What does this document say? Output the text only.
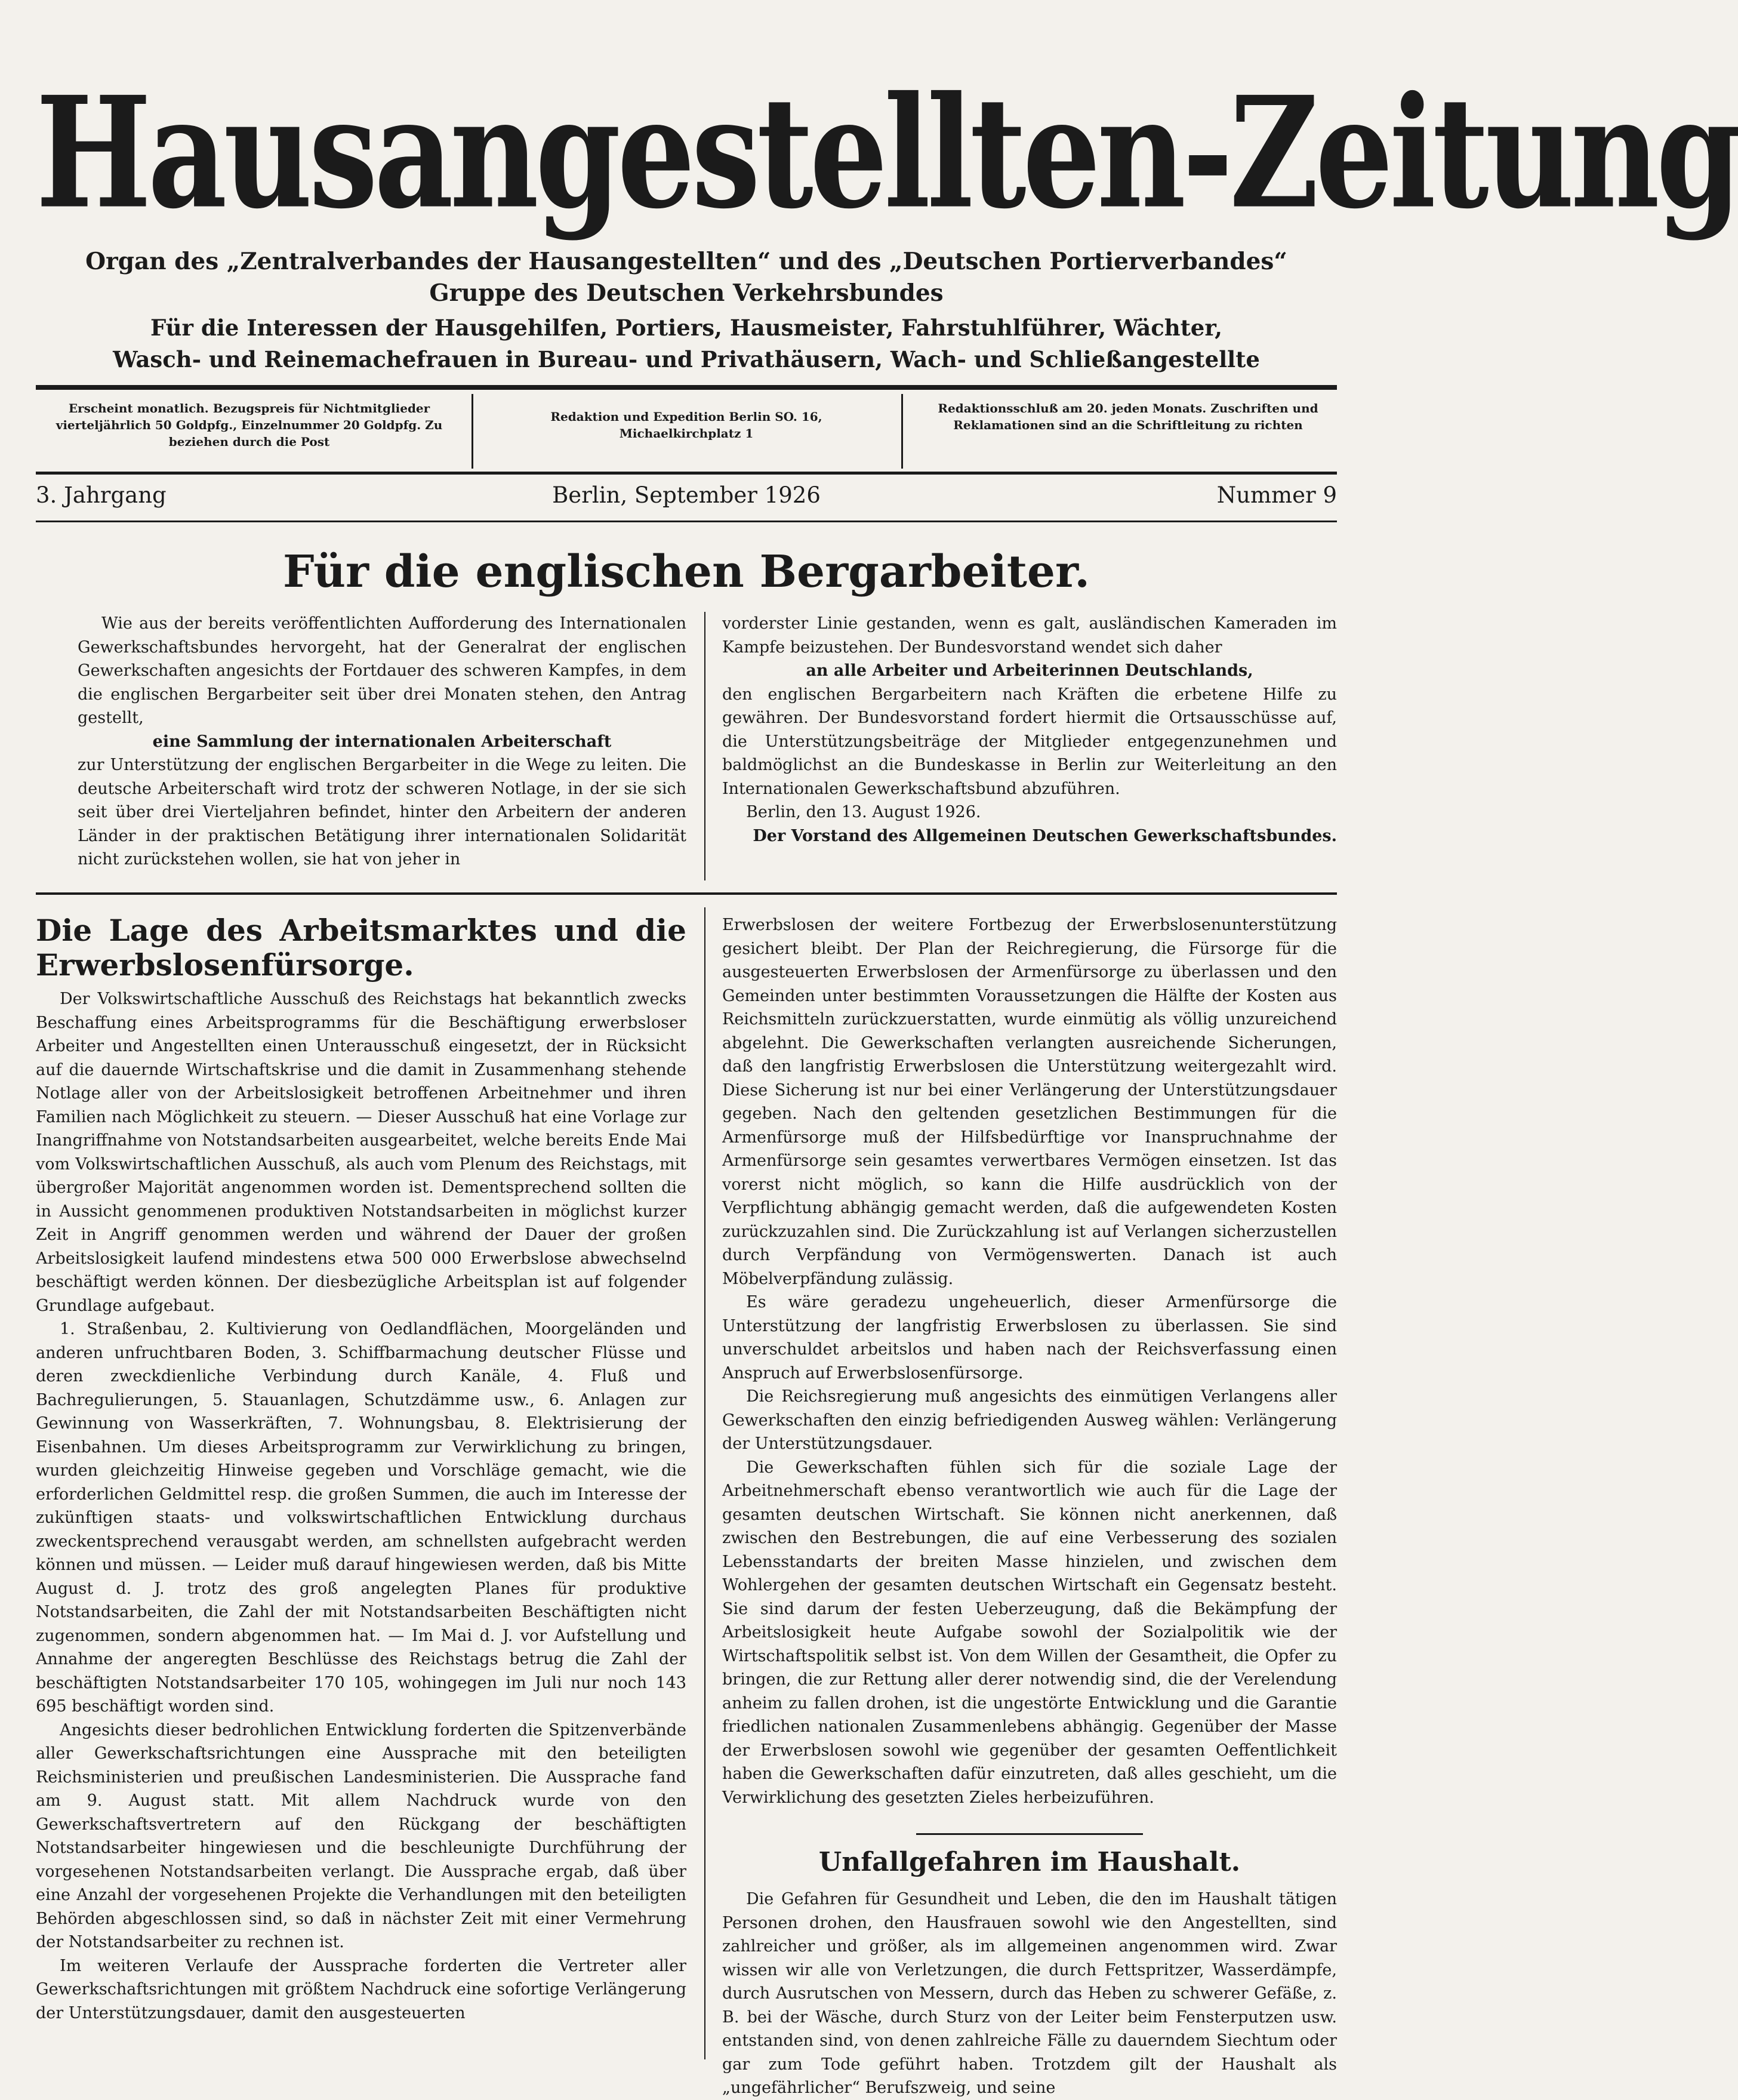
Hausangestellten-Zeitung
Organ des „Zentralverbandes der Hausangestellten“ und des „Deutschen Portierverbandes“
Gruppe des Deutschen Verkehrsbundes
Für die Interessen der Hausgehilfen, Portiers, Hausmeister, Fahrstuhlführer, Wächter,
Wasch- und Reinemachefrauen in Bureau- und Privathäusern, Wach- und Schließangestellte
Erscheint monatlich. Bezugspreis für Nichtmitglieder vierteljährlich 50 Goldpfg., Einzelnummer 20 Goldpfg. Zu beziehen durch die Post
Redaktion und Expedition Berlin SO. 16, Michaelkirchplatz 1
Redaktionsschluß am 20. jeden Monats. Zuschriften und Reklamationen sind an die Schriftleitung zu richten
3. Jahrgang	Berlin, September 1926	Nummer 9
Für die englischen Bergarbeiter.

Wie aus der bereits veröffentlichten Aufforderung des Internationalen Gewerkschaftsbundes hervorgeht, hat der Generalrat der englischen Gewerkschaften angesichts der Fortdauer des schweren Kampfes, in dem die englischen Bergarbeiter seit über drei Monaten stehen, den Antrag gestellt,

eine Sammlung der internationalen Arbeiterschaft

zur Unterstützung der englischen Bergarbeiter in die Wege zu leiten. Die deutsche Arbeiterschaft wird trotz der schweren Notlage, in der sie sich seit über drei Vierteljahren befindet, hinter den Arbeitern der anderen Länder in der praktischen Betätigung ihrer internationalen Solidarität nicht zurückstehen wollen, sie hat von jeher in

vorderster Linie gestanden, wenn es galt, ausländischen Kameraden im Kampfe beizustehen. Der Bundesvorstand wendet sich daher

an alle Arbeiter und Arbeiterinnen Deutschlands,

den englischen Bergarbeitern nach Kräften die erbetene Hilfe zu gewähren. Der Bundesvorstand fordert hiermit die Ortsausschüsse auf, die Unterstützungsbeiträge der Mitglieder entgegenzunehmen und baldmöglichst an die Bundeskasse in Berlin zur Weiterleitung an den Internationalen Gewerkschaftsbund abzuführen.

Berlin, den 13. August 1926.

Der Vorstand des Allgemeinen Deutschen Gewerkschaftsbundes.

Die Lage des Arbeitsmarktes und die Erwerbslosenfürsorge.

Der Volkswirtschaftliche Ausschuß des Reichstags hat bekanntlich zwecks Beschaffung eines Arbeitsprogramms für die Beschäftigung erwerbsloser Arbeiter und Angestellten einen Unterausschuß eingesetzt, der in Rücksicht auf die dauernde Wirtschaftskrise und die damit in Zusammenhang stehende Notlage aller von der Arbeitslosigkeit betroffenen Arbeitnehmer und ihren Familien nach Möglichkeit zu steuern. — Dieser Ausschuß hat eine Vorlage zur Inangriffnahme von Notstandsarbeiten ausgearbeitet, welche bereits Ende Mai vom Volkswirtschaftlichen Ausschuß, als auch vom Plenum des Reichstags, mit übergroßer Majorität angenommen worden ist. Dementsprechend sollten die in Aussicht genommenen produktiven Notstandsarbeiten in möglichst kurzer Zeit in Angriff genommen werden und während der Dauer der großen Arbeitslosigkeit laufend mindestens etwa 500 000 Erwerbslose abwechselnd beschäftigt werden können. Der diesbezügliche Arbeitsplan ist auf folgender Grundlage aufgebaut.

1. Straßenbau, 2. Kultivierung von Oedlandflächen, Moorgeländen und anderen unfruchtbaren Boden, 3. Schiffbarmachung deutscher Flüsse und deren zweckdienliche Verbindung durch Kanäle, 4. Fluß und Bachregulierungen, 5. Stauanlagen, Schutzdämme usw., 6. Anlagen zur Gewinnung von Wasserkräften, 7. Wohnungsbau, 8. Elektrisierung der Eisenbahnen. Um dieses Arbeitsprogramm zur Verwirklichung zu bringen, wurden gleichzeitig Hinweise gegeben und Vorschläge gemacht, wie die erforderlichen Geldmittel resp. die großen Summen, die auch im Interesse der zukünftigen staats- und volkswirtschaftlichen Entwicklung durchaus zweckentsprechend verausgabt werden, am schnellsten aufgebracht werden können und müssen. — Leider muß darauf hingewiesen werden, daß bis Mitte August d. J. trotz des groß angelegten Planes für produktive Notstandsarbeiten, die Zahl der mit Notstandsarbeiten Beschäftigten nicht zugenommen, sondern abgenommen hat. — Im Mai d. J. vor Aufstellung und Annahme der angeregten Beschlüsse des Reichstags betrug die Zahl der beschäftigten Notstandsarbeiter 170 105, wohingegen im Juli nur noch 143 695 beschäftigt worden sind.

Angesichts dieser bedrohlichen Entwicklung forderten die Spitzenverbände aller Gewerkschaftsrichtungen eine Aussprache mit den beteiligten Reichsministerien und preußischen Landesministerien. Die Aussprache fand am 9. August statt. Mit allem Nachdruck wurde von den Gewerkschaftsvertretern auf den Rückgang der beschäftigten Notstandsarbeiter hingewiesen und die beschleunigte Durchführung der vorgesehenen Notstandsarbeiten verlangt. Die Aussprache ergab, daß über eine Anzahl der vorgesehenen Projekte die Verhandlungen mit den beteiligten Behörden abgeschlossen sind, so daß in nächster Zeit mit einer Vermehrung der Notstandsarbeiter zu rechnen ist.

Im weiteren Verlaufe der Aussprache forderten die Vertreter aller Gewerkschaftsrichtungen mit größtem Nachdruck eine sofortige Verlängerung der Unterstützungsdauer, damit den ausgesteuerten

Erwerbslosen der weitere Fortbezug der Erwerbslosenunterstützung gesichert bleibt. Der Plan der Reichregierung, die Fürsorge für die ausgesteuerten Erwerbslosen der Armenfürsorge zu überlassen und den Gemeinden unter bestimmten Voraussetzungen die Hälfte der Kosten aus Reichsmitteln zurückzuerstatten, wurde einmütig als völlig unzureichend abgelehnt. Die Gewerkschaften verlangten ausreichende Sicherungen, daß den langfristig Erwerbslosen die Unterstützung weitergezahlt wird. Diese Sicherung ist nur bei einer Verlängerung der Unterstützungsdauer gegeben. Nach den geltenden gesetzlichen Bestimmungen für die Armenfürsorge muß der Hilfsbedürftige vor Inanspruchnahme der Armenfürsorge sein gesamtes verwertbares Vermögen einsetzen. Ist das vorerst nicht möglich, so kann die Hilfe ausdrücklich von der Verpflichtung abhängig gemacht werden, daß die aufgewendeten Kosten zurückzuzahlen sind. Die Zurückzahlung ist auf Verlangen sicherzustellen durch Verpfändung von Vermögenswerten. Danach ist auch Möbelverpfändung zulässig.

Es wäre geradezu ungeheuerlich, dieser Armenfürsorge die Unterstützung der langfristig Erwerbslosen zu überlassen. Sie sind unverschuldet arbeitslos und haben nach der Reichsverfassung einen Anspruch auf Erwerbslosenfürsorge.

Die Reichsregierung muß angesichts des einmütigen Verlangens aller Gewerkschaften den einzig befriedigenden Ausweg wählen: Verlängerung der Unterstützungsdauer.

Die Gewerkschaften fühlen sich für die soziale Lage der Arbeitnehmerschaft ebenso verantwortlich wie auch für die Lage der gesamten deutschen Wirtschaft. Sie können nicht anerkennen, daß zwischen den Bestrebungen, die auf eine Verbesserung des sozialen Lebensstandarts der breiten Masse hinzielen, und zwischen dem Wohlergehen der gesamten deutschen Wirtschaft ein Gegensatz besteht. Sie sind darum der festen Ueberzeugung, daß die Bekämpfung der Arbeitslosigkeit heute Aufgabe sowohl der Sozialpolitik wie der Wirtschaftspolitik selbst ist. Von dem Willen der Gesamtheit, die Opfer zu bringen, die zur Rettung aller derer notwendig sind, die der Verelendung anheim zu fallen drohen, ist die ungestörte Entwicklung und die Garantie friedlichen nationalen Zusammenlebens abhängig. Gegenüber der Masse der Erwerbslosen sowohl wie gegenüber der gesamten Oeffentlichkeit haben die Gewerkschaften dafür einzutreten, daß alles geschieht, um die Verwirklichung des gesetzten Zieles herbeizuführen.

Unfallgefahren im Haushalt.

Die Gefahren für Gesundheit und Leben, die den im Haushalt tätigen Personen drohen, den Hausfrauen sowohl wie den Angestellten, sind zahlreicher und größer, als im allgemeinen angenommen wird. Zwar wissen wir alle von Verletzungen, die durch Fettspritzer, Wasserdämpfe, durch Ausrutschen von Messern, durch das Heben zu schwerer Gefäße, z. B. bei der Wäsche, durch Sturz von der Leiter beim Fensterputzen usw. entstanden sind, von denen zahlreiche Fälle zu dauerndem Siechtum oder gar zum Tode geführt haben. Trotzdem gilt der Haushalt als „ungefährlicher“ Berufszweig, und seine
